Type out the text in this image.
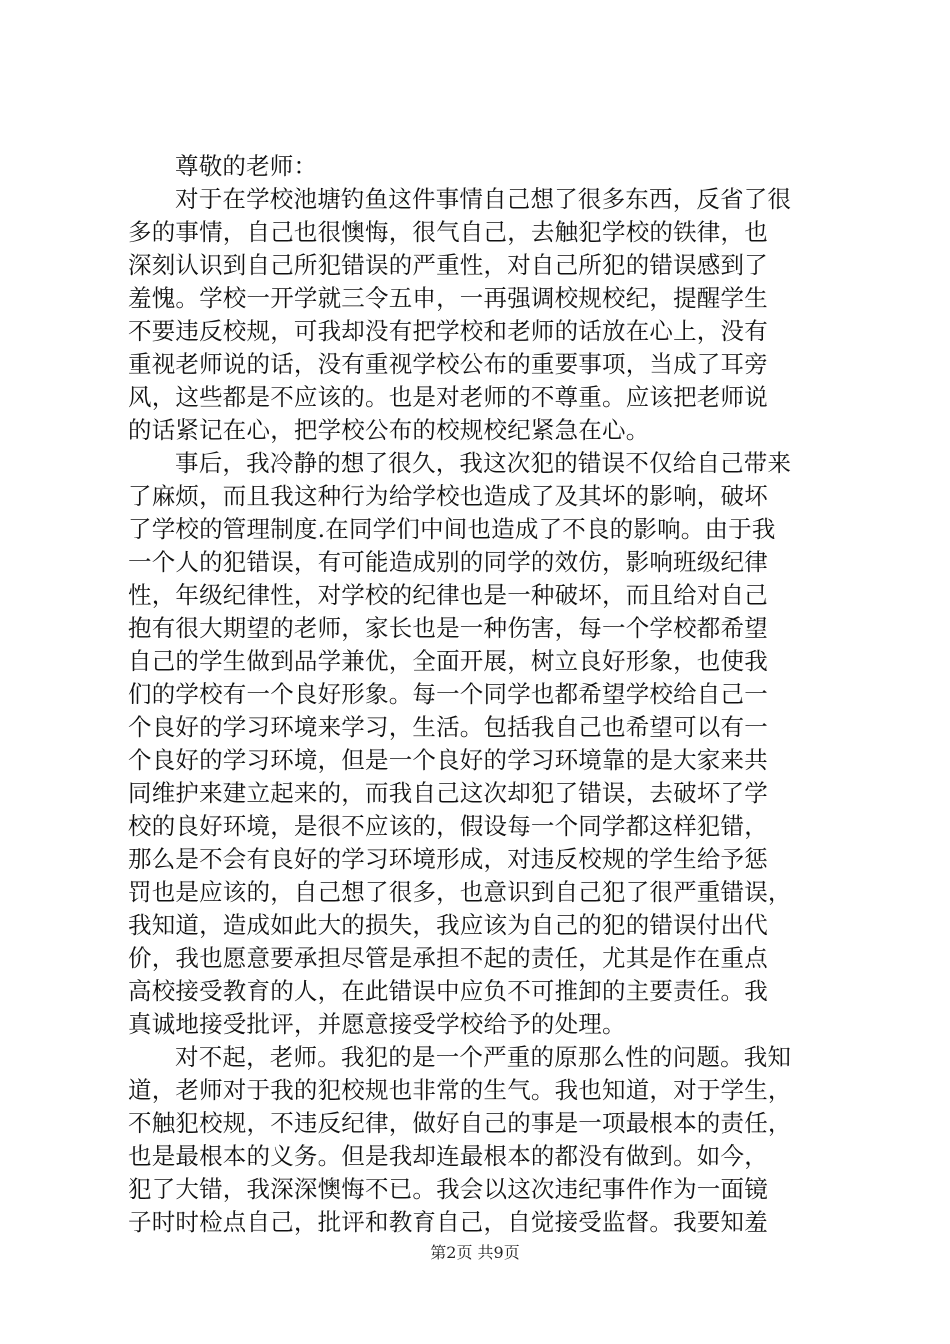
尊敬的老师：
对于在学校池塘钓鱼这件事情自己想了很多东西，反省了很
多的事情，自己也很懊悔，很气自己，去触犯学校的铁律，也
深刻认识到自己所犯错误的严重性，对自己所犯的错误感到了
羞愧。学校一开学就三令五申，一再强调校规校纪，提醒学生
不要违反校规，可我却没有把学校和老师的话放在心上，没有
重视老师说的话，没有重视学校公布的重要事项，当成了耳旁
风，这些都是不应该的。也是对老师的不尊重。应该把老师说
的话紧记在心，把学校公布的校规校纪紧急在心。
事后，我冷静的想了很久，我这次犯的错误不仅给自己带来
了麻烦，而且我这种行为给学校也造成了及其坏的影响，破坏
了学校的管理制度.在同学们中间也造成了不良的影响。由于我
一个人的犯错误，有可能造成别的同学的效仿，影响班级纪律
性，年级纪律性，对学校的纪律也是一种破坏，而且给对自己
抱有很大期望的老师，家长也是一种伤害，每一个学校都希望
自己的学生做到品学兼优，全面开展，树立良好形象，也使我
们的学校有一个良好形象。每一个同学也都希望学校给自己一
个良好的学习环境来学习，生活。包括我自己也希望可以有一
个良好的学习环境，但是一个良好的学习环境靠的是大家来共
同维护来建立起来的，而我自己这次却犯了错误，去破坏了学
校的良好环境，是很不应该的，假设每一个同学都这样犯错，
那么是不会有良好的学习环境形成，对违反校规的学生给予惩
罚也是应该的，自己想了很多，也意识到自己犯了很严重错误，
我知道，造成如此大的损失，我应该为自己的犯的错误付出代
价，我也愿意要承担尽管是承担不起的责任，尤其是作在重点
高校接受教育的人，在此错误中应负不可推卸的主要责任。我
真诚地接受批评，并愿意接受学校给予的处理。
对不起，老师。我犯的是一个严重的原那么性的问题。我知
道，老师对于我的犯校规也非常的生气。我也知道，对于学生，
不触犯校规，不违反纪律，做好自己的事是一项最根本的责任，
也是最根本的义务。但是我却连最根本的都没有做到。如今，
犯了大错，我深深懊悔不已。我会以这次违纪事件作为一面镜
子时时检点自己，批评和教育自己，自觉接受监督。我要知羞
第2页 共9页
